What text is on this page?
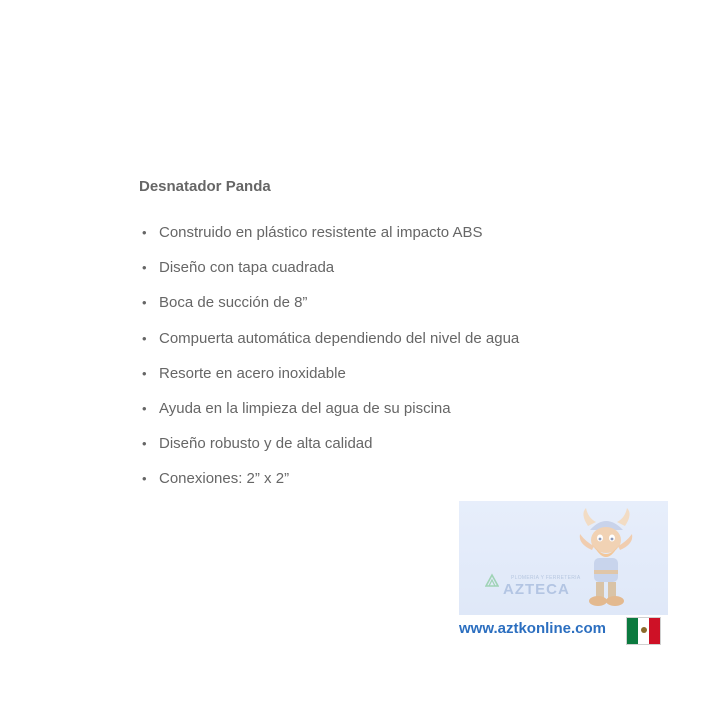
Desnatador Panda
• Construido en plástico resistente al impacto ABS
• Diseño con tapa cuadrada
• Boca de succión de 8”
• Compuerta automática dependiendo del nivel de agua
• Resorte en acero inoxidable
• Ayuda en la limpieza del agua de su piscina
• Diseño robusto y de alta calidad
• Conexiones: 2” x 2”
PLOMERIA Y FERRETERIA
AZTECA
www.aztkonline.com
